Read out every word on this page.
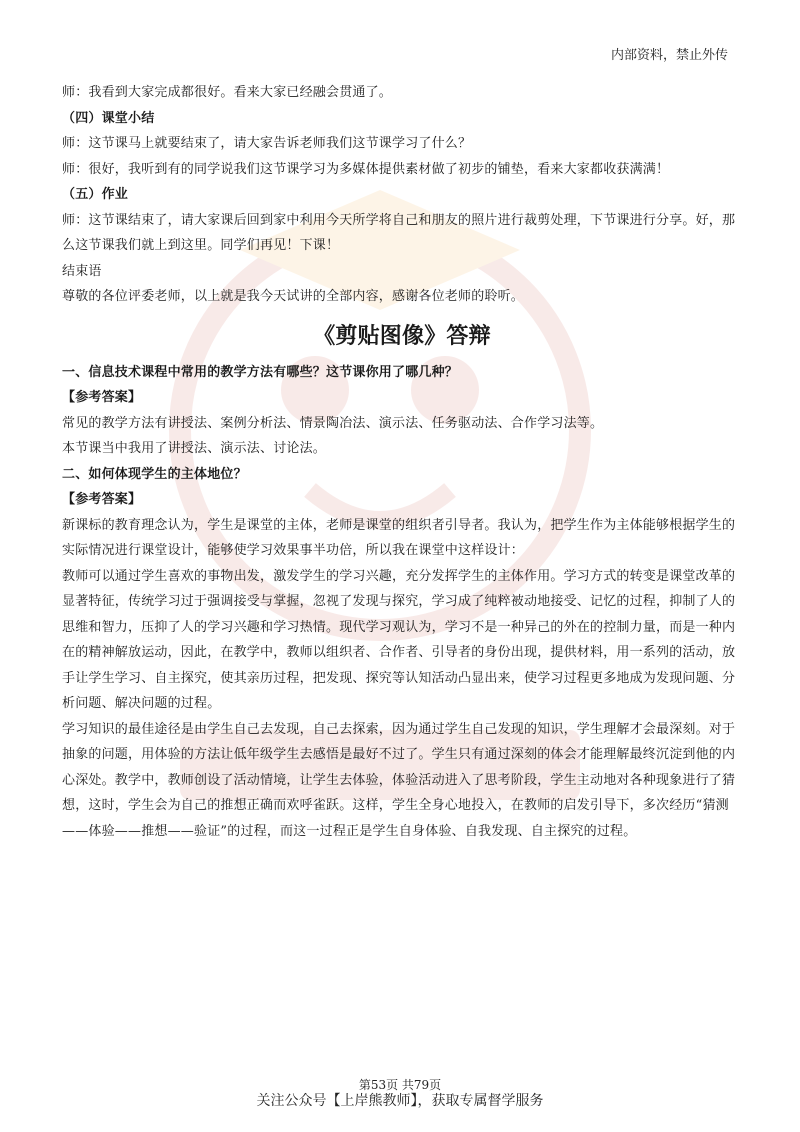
内部资料，禁止外传

师：我看到大家完成都很好。看来大家已经融会贯通了。

（四）课堂小结

师：这节课马上就要结束了，请大家告诉老师我们这节课学习了什么？

师：很好，我听到有的同学说我们这节课学习为多媒体提供素材做了初步的铺垫，看来大家都收获满满！

（五）作业

师：这节课结束了，请大家课后回到家中利用今天所学将自己和朋友的照片进行裁剪处理，下节课进行分享。好，那么这节课我们就上到这里。同学们再见！下课！

结束语

尊敬的各位评委老师，以上就是我今天试讲的全部内容，感谢各位老师的聆听。

《剪贴图像》答辩

一、信息技术课程中常用的教学方法有哪些？这节课你用了哪几种？

【参考答案】

常见的教学方法有讲授法、案例分析法、情景陶冶法、演示法、任务驱动法、合作学习法等。

本节课当中我用了讲授法、演示法、讨论法。

二、如何体现学生的主体地位？

【参考答案】

新课标的教育理念认为，学生是课堂的主体，老师是课堂的组织者引导者。我认为，把学生作为主体能够根据学生的实际情况进行课堂设计，能够使学习效果事半功倍，所以我在课堂中这样设计：

教师可以通过学生喜欢的事物出发，激发学生的学习兴趣，充分发挥学生的主体作用。学习方式的转变是课堂改革的显著特征，传统学习过于强调接受与掌握，忽视了发现与探究，学习成了纯粹被动地接受、记忆的过程，抑制了人的思维和智力，压抑了人的学习兴趣和学习热情。现代学习观认为，学习不是一种异己的外在的控制力量，而是一种内在的精神解放运动，因此，在教学中，教师以组织者、合作者、引导者的身份出现，提供材料，用一系列的活动，放手让学生学习、自主探究，使其亲历过程，把发现、探究等认知活动凸显出来，使学习过程更多地成为发现问题、分析问题、解决问题的过程。

学习知识的最佳途径是由学生自己去发现，自己去探索，因为通过学生自己发现的知识，学生理解才会最深刻。对于抽象的问题，用体验的方法让低年级学生去感悟是最好不过了。学生只有通过深刻的体会才能理解最终沉淀到他的内心深处。教学中，教师创设了活动情境，让学生去体验，体验活动进入了思考阶段，学生主动地对各种现象进行了猜想，这时，学生会为自己的推想正确而欢呼雀跃。这样，学生全身心地投入，在教师的启发引导下，多次经历“猜测——体验——推想——验证”的过程，而这一过程正是学生自身体验、自我发现、自主探究的过程。

第53页 共79页
关注公众号【上岸熊教师】，获取专属督学服务
